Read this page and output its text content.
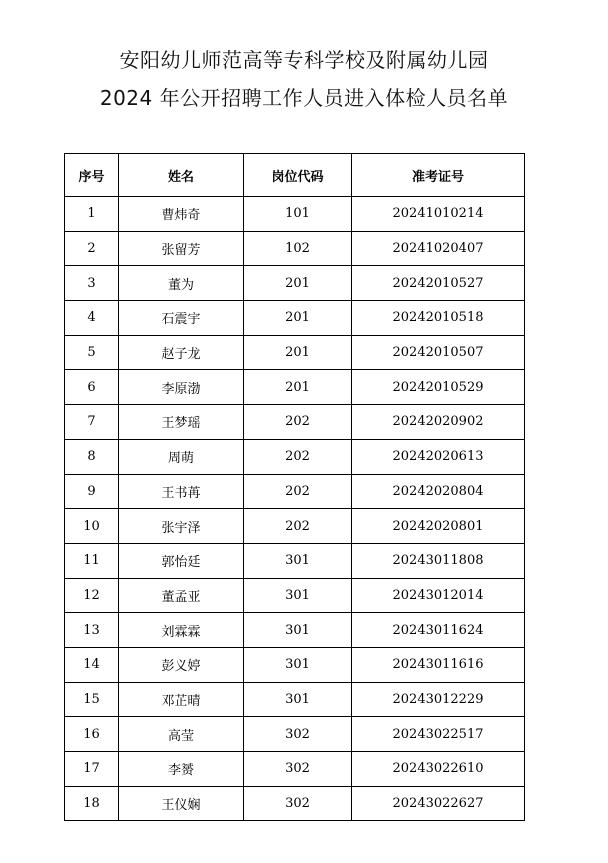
安阳幼儿师范高等专科学校及附属幼儿园
2024 年公开招聘工作人员进入体检人员名单
序号	姓名	岗位代码	准考证号
1	曹炜奇	101	20241010214
2	张留芳	102	20241020407
3	董为	201	20242010527
4	石震宇	201	20242010518
5	赵子龙	201	20242010507
6	李原渤	201	20242010529
7	王梦瑶	202	20242020902
8	周萌	202	20242020613
9	王书苒	202	20242020804
10	张宇泽	202	20242020801
11	郭怡廷	301	20243011808
12	董孟亚	301	20243012014
13	刘霖霖	301	20243011624
14	彭义婷	301	20243011616
15	邓芷晴	301	20243012229
16	高莹	302	20243022517
17	李赟	302	20243022610
18	王仪娴	302	20243022627
